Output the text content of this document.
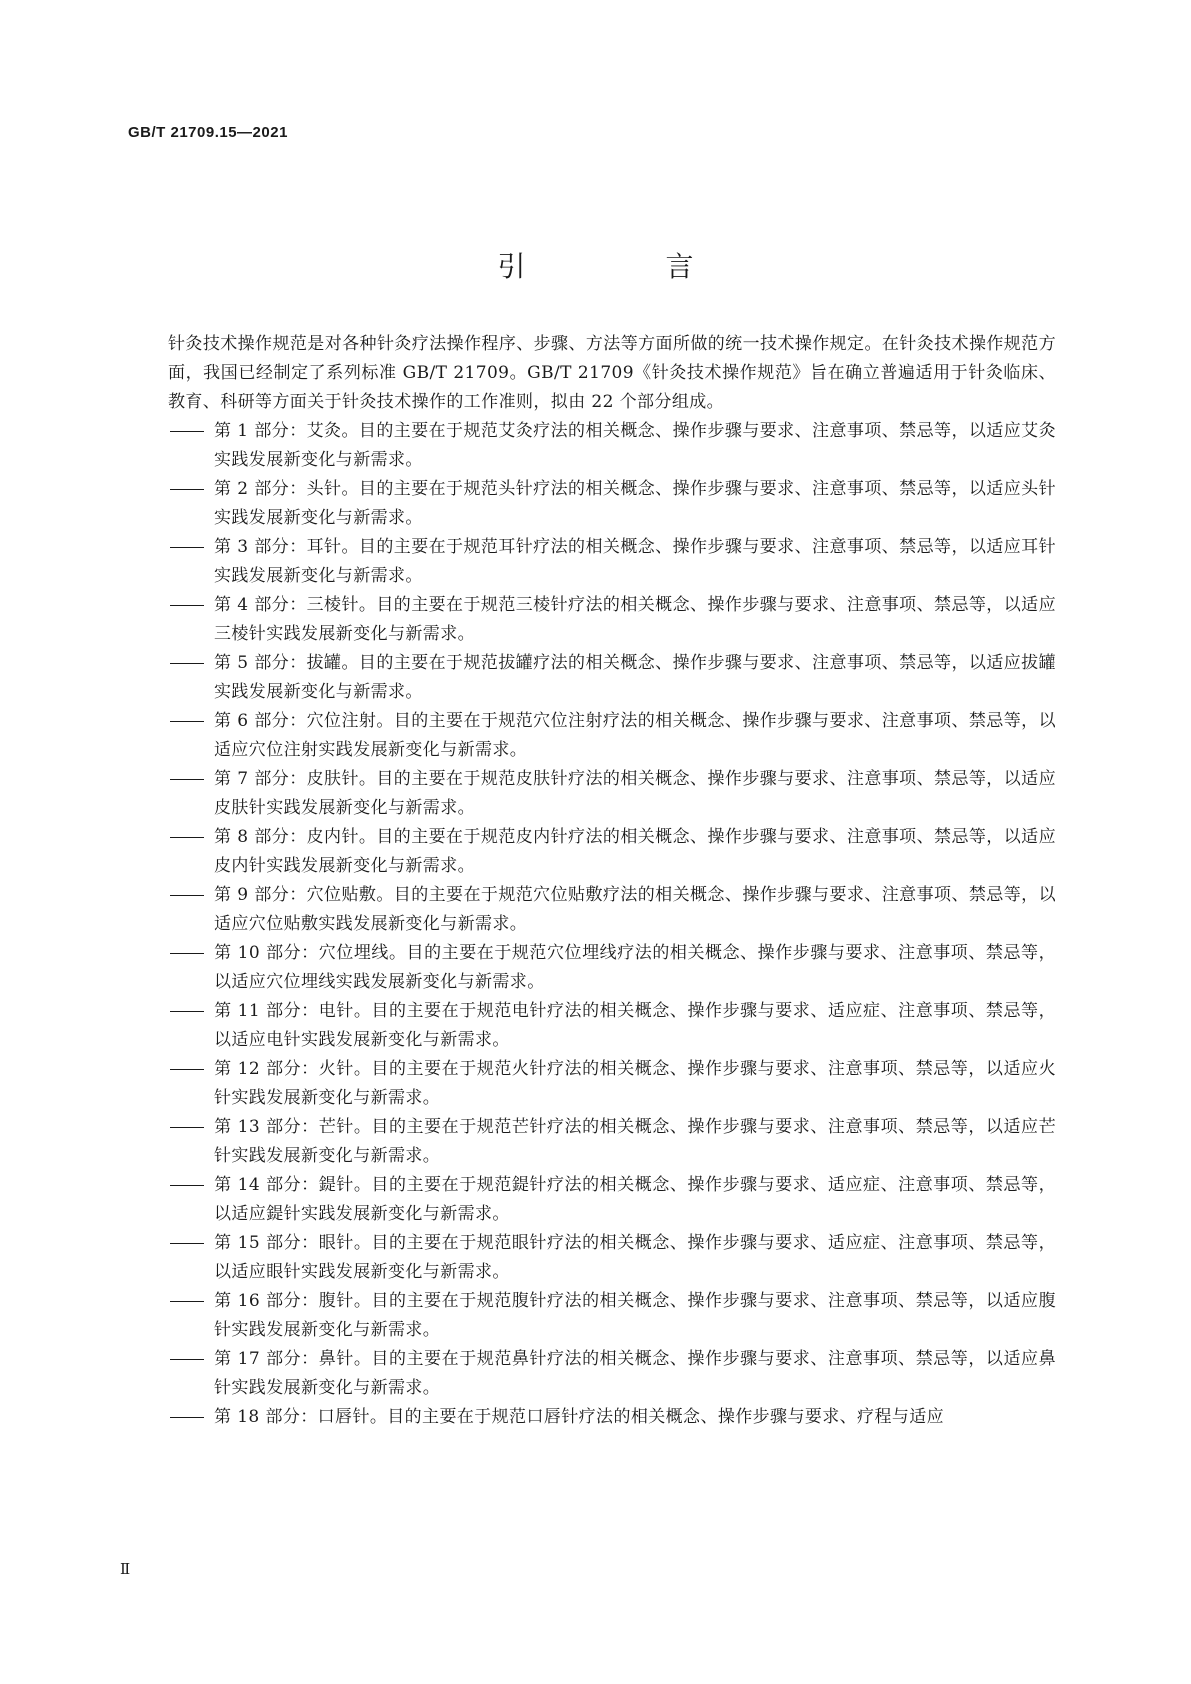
GB/T 21709.15—2021
引　言

针灸技术操作规范是对各种针灸疗法操作程序、步骤、方法等方面所做的统一技术操作规定。在针灸技术操作规范方面，我国已经制定了系列标准 GB/T 21709。GB/T 21709《针灸技术操作规范》旨在确立普遍适用于针灸临床、教育、科研等方面关于针灸技术操作的工作准则，拟由 22 个部分组成。

第 1 部分：艾灸。目的主要在于规范艾灸疗法的相关概念、操作步骤与要求、注意事项、禁忌等，以适应艾灸实践发展新变化与新需求。
第 2 部分：头针。目的主要在于规范头针疗法的相关概念、操作步骤与要求、注意事项、禁忌等，以适应头针实践发展新变化与新需求。
第 3 部分：耳针。目的主要在于规范耳针疗法的相关概念、操作步骤与要求、注意事项、禁忌等，以适应耳针实践发展新变化与新需求。
第 4 部分：三棱针。目的主要在于规范三棱针疗法的相关概念、操作步骤与要求、注意事项、禁忌等，以适应三棱针实践发展新变化与新需求。
第 5 部分：拔罐。目的主要在于规范拔罐疗法的相关概念、操作步骤与要求、注意事项、禁忌等，以适应拔罐实践发展新变化与新需求。
第 6 部分：穴位注射。目的主要在于规范穴位注射疗法的相关概念、操作步骤与要求、注意事项、禁忌等，以适应穴位注射实践发展新变化与新需求。
第 7 部分：皮肤针。目的主要在于规范皮肤针疗法的相关概念、操作步骤与要求、注意事项、禁忌等，以适应皮肤针实践发展新变化与新需求。
第 8 部分：皮内针。目的主要在于规范皮内针疗法的相关概念、操作步骤与要求、注意事项、禁忌等，以适应皮内针实践发展新变化与新需求。
第 9 部分：穴位贴敷。目的主要在于规范穴位贴敷疗法的相关概念、操作步骤与要求、注意事项、禁忌等，以适应穴位贴敷实践发展新变化与新需求。
第 10 部分：穴位埋线。目的主要在于规范穴位埋线疗法的相关概念、操作步骤与要求、注意事项、禁忌等，以适应穴位埋线实践发展新变化与新需求。
第 11 部分：电针。目的主要在于规范电针疗法的相关概念、操作步骤与要求、适应症、注意事项、禁忌等，以适应电针实践发展新变化与新需求。
第 12 部分：火针。目的主要在于规范火针疗法的相关概念、操作步骤与要求、注意事项、禁忌等，以适应火针实践发展新变化与新需求。
第 13 部分：芒针。目的主要在于规范芒针疗法的相关概念、操作步骤与要求、注意事项、禁忌等，以适应芒针实践发展新变化与新需求。
第 14 部分：鍉针。目的主要在于规范鍉针疗法的相关概念、操作步骤与要求、适应症、注意事项、禁忌等，以适应鍉针实践发展新变化与新需求。
第 15 部分：眼针。目的主要在于规范眼针疗法的相关概念、操作步骤与要求、适应症、注意事项、禁忌等，以适应眼针实践发展新变化与新需求。
第 16 部分：腹针。目的主要在于规范腹针疗法的相关概念、操作步骤与要求、注意事项、禁忌等，以适应腹针实践发展新变化与新需求。
第 17 部分：鼻针。目的主要在于规范鼻针疗法的相关概念、操作步骤与要求、注意事项、禁忌等，以适应鼻针实践发展新变化与新需求。
第 18 部分：口唇针。目的主要在于规范口唇针疗法的相关概念、操作步骤与要求、疗程与适应
Ⅱ
